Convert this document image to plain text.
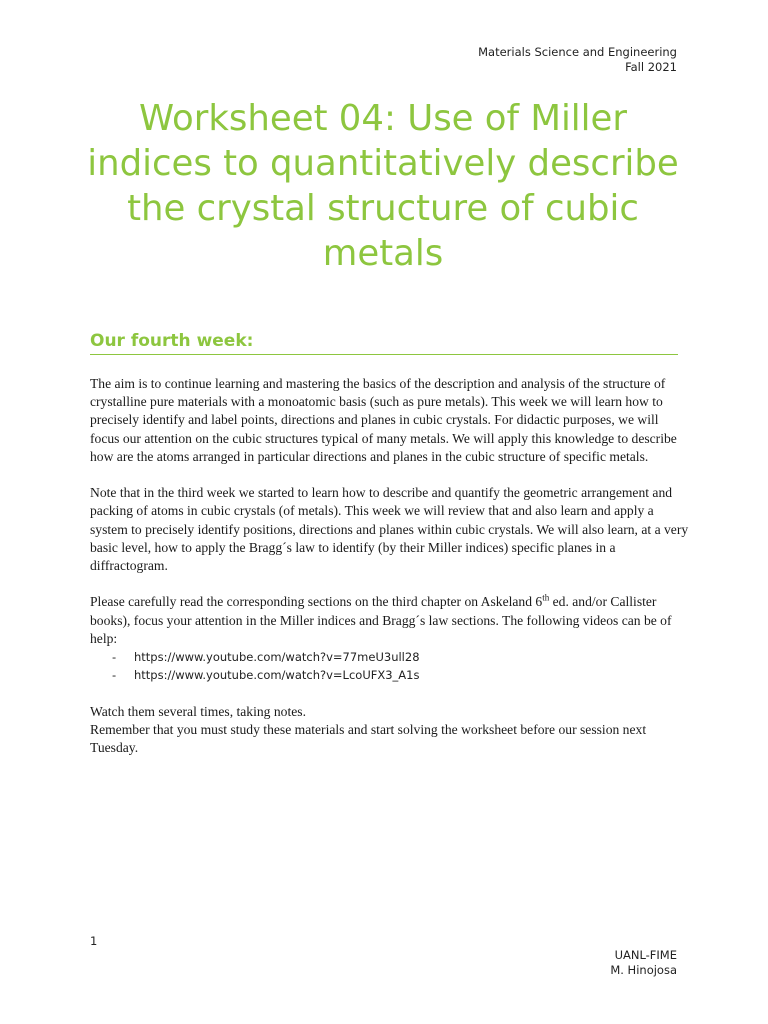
Materials Science and Engineering
Fall 2021
Worksheet 04: Use of Miller indices to quantitatively describe the crystal structure of cubic metals
Our fourth week:

The aim is to continue learning and mastering the basics of the description and analysis of the structure of crystalline pure materials with a monoatomic basis (such as pure metals). This week we will learn how to precisely identify and label points, directions and planes in cubic crystals. For didactic purposes, we will focus our attention on the cubic structures typical of many metals. We will apply this knowledge to describe how are the atoms arranged in particular directions and planes in the cubic structure of specific metals.

Note that in the third week we started to learn how to describe and quantify the geometric arrangement and packing of atoms in cubic crystals (of metals). This week we will review that and also learn and apply a system to precisely identify positions, directions and planes within cubic crystals. We will also learn, at a very basic level, how to apply the Bragg´s law to identify (by their Miller indices) specific planes in a diffractogram.

Please carefully read the corresponding sections on the third chapter on Askeland 6th ed. and/or Callister books), focus your attention in the Miller indices and Bragg´s law sections. The following videos can be of help:

- https://www.youtube.com/watch?v=77meU3ull28
- https://www.youtube.com/watch?v=LcoUFX3_A1s

Watch them several times, taking notes.

Remember that you must study these materials and start solving the worksheet before our session next Tuesday.

1
UANL-FIME
M. Hinojosa
